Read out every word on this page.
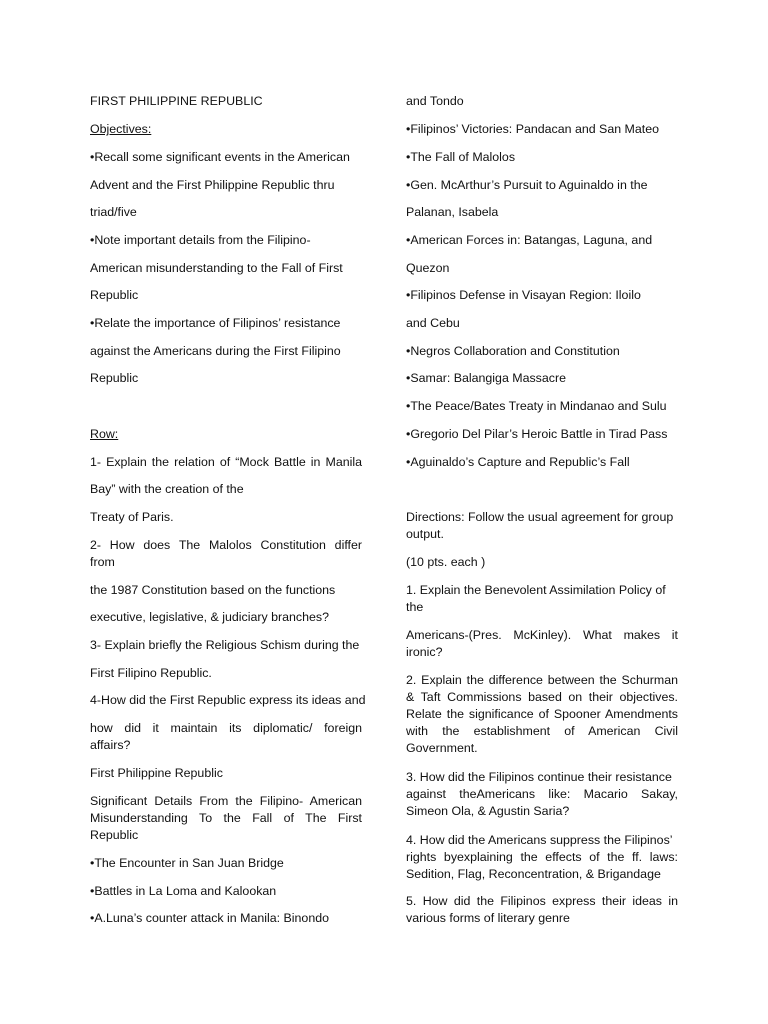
FIRST PHILIPPINE REPUBLIC
Objectives:
•Recall some significant events in the American
Advent and the First Philippine Republic thru
triad/five
•Note important details from the Filipino-
American misunderstanding to the Fall of First
Republic
•Relate the importance of Filipinos’ resistance
against the Americans during the First Filipino
Republic
Row:
1- Explain the relation of “Mock Battle in Manila
Bay” with the creation of the
Treaty of Paris.
2- How does The Malolos Constitution differ
from
the 1987 Constitution based on the functions
executive, legislative, & judiciary branches?
3- Explain briefly the Religious Schism during the
First Filipino Republic.
4-How did the First Republic express its ideas and
how did it maintain its diplomatic/ foreign
affairs?
First Philippine Republic
Significant Details From the Filipino- American
Misunderstanding To the Fall of The First
Republic
•The Encounter in San Juan Bridge
•Battles in La Loma and Kalookan
•A.Luna’s counter attack in Manila: Binondo
and Tondo
•Filipinos’ Victories: Pandacan and San Mateo
•The Fall of Malolos
•Gen. McArthur’s Pursuit to Aguinaldo in the
Palanan, Isabela
•American Forces in: Batangas, Laguna, and
Quezon
•Filipinos Defense in Visayan Region: Iloilo
and Cebu
•Negros Collaboration and Constitution
•Samar: Balangiga Massacre
•The Peace/Bates Treaty in Mindanao and Sulu
•Gregorio Del Pilar’s Heroic Battle in Tirad Pass
•Aguinaldo’s Capture and Republic’s Fall
Directions: Follow the usual agreement for group
output.
(10 pts. each )
1. Explain the Benevolent Assimilation Policy of
the
Americans-(Pres. McKinley). What makes it
ironic?
2. Explain the difference between the Schurman
& Taft Commissions based on their objectives.
Relate the significance of Spooner Amendments
with the establishment of American Civil
Government.
3. How did the Filipinos continue their resistance
against theAmericans like: Macario Sakay,
Simeon Ola, & Agustin Saria?
4. How did the Americans suppress the Filipinos’
rights byexplaining the effects of the ff. laws:
Sedition, Flag, Reconcentration, & Brigandage
5. How did the Filipinos express their ideas in
various forms of literary genre
